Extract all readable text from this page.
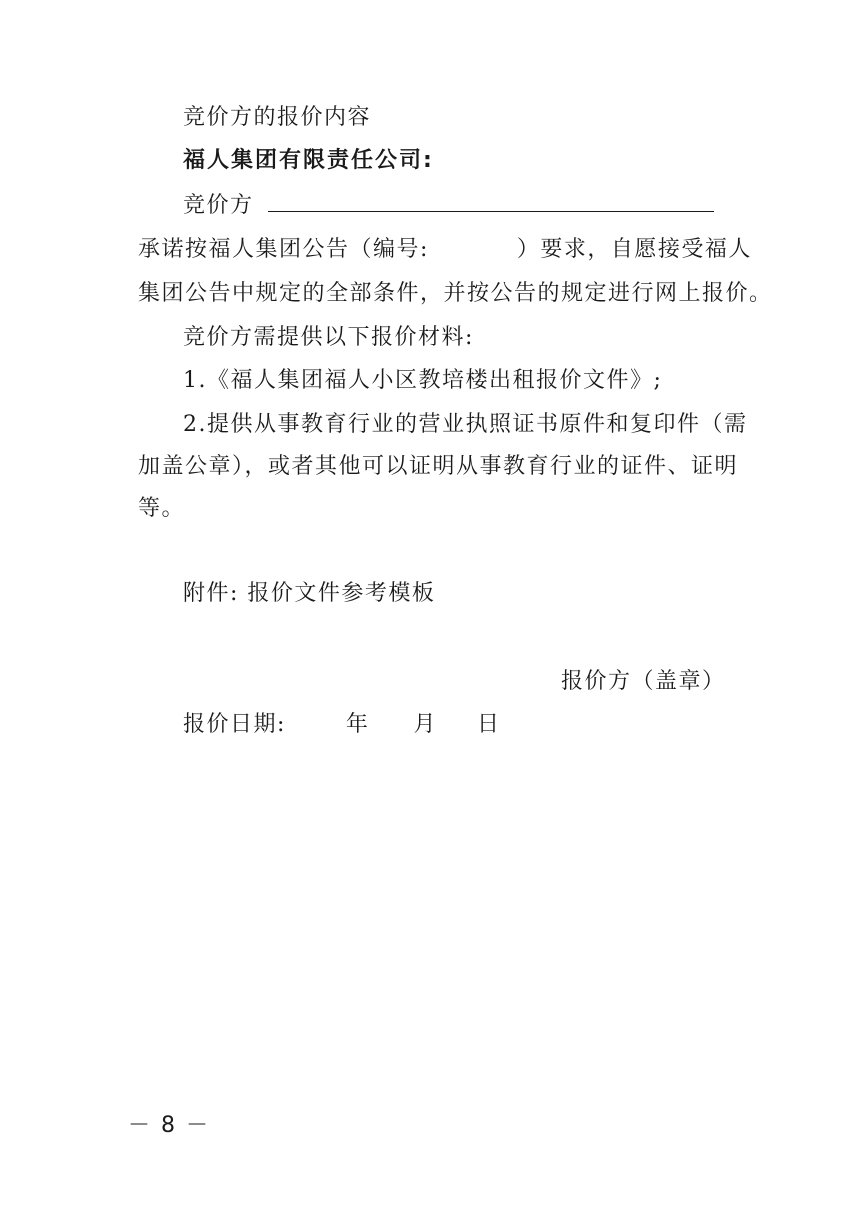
竞价方的报价内容
福人集团有限责任公司:
竞价方
承诺按福人集团公告（编号:	）要求，自愿接受福人
集团公告中规定的全部条件，并按公告的规定进行网上报价。
竞价方需提供以下报价材料:
1.《福人集团福人小区教培楼出租报价文件》;
2.提供从事教育行业的营业执照证书原件和复印件（需
加盖公章），或者其他可以证明从事教育行业的证件、证明
等。
附件: 报价文件参考模板
报价方（盖章）
报价日期:	年 月 日
－ 8 －
